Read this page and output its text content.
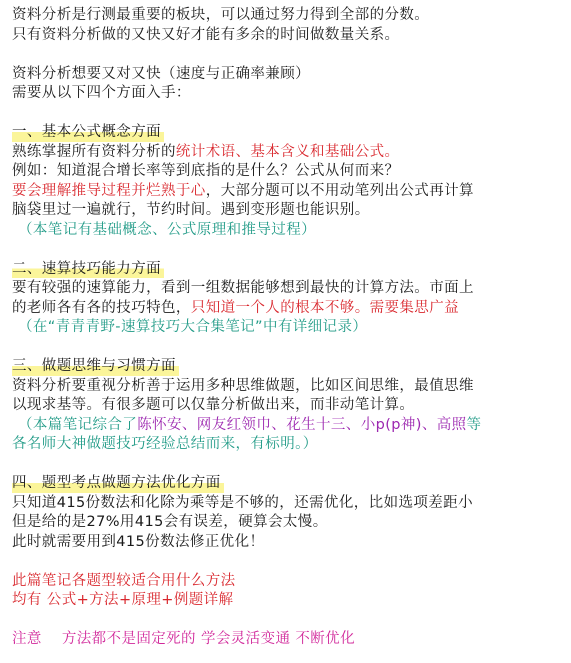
资料分析是行测最重要的板块，可以通过努力得到全部的分数。
只有资料分析做的又快又好才能有多余的时间做数量关系。
资料分析想要又对又快（速度与正确率兼顾）
需要从以下四个方面入手：
一、基本公式概念方面
熟练掌握所有资料分析的统计术语、基本含义和基础公式。
例如：知道混合增长率等到底指的是什么？公式从何而来？
要会理解推导过程并烂熟于心，大部分题可以不用动笔列出公式再计算
脑袋里过一遍就行，节约时间。遇到变形题也能识别。
（本笔记有基础概念、公式原理和推导过程）
二、速算技巧能力方面
要有较强的速算能力，看到一组数据能够想到最快的计算方法。市面上
的老师各有各的技巧特色，只知道一个人的根本不够。需要集思广益
（在“青青青野-速算技巧大合集笔记”中有详细记录）
三、做题思维与习惯方面
资料分析要重视分析善于运用多种思维做题，比如区间思维，最值思维
以现求基等。有很多题可以仅靠分析做出来，而非动笔计算。
（本篇笔记综合了陈怀安、网友红领巾、花生十三、小p(p神)、高照等
各名师大神做题技巧经验总结而来，有标明。）
四、题型考点做题方法优化方面
只知道415份数法和化除为乘等是不够的，还需优化，比如选项差距小
但是给的是27%用415会有误差，硬算会太慢。
此时就需要用到415份数法修正优化！
此篇笔记各题型较适合用什么方法
均有 公式+方法+原理+例题详解
注意 方法都不是固定死的 学会灵活变通 不断优化
